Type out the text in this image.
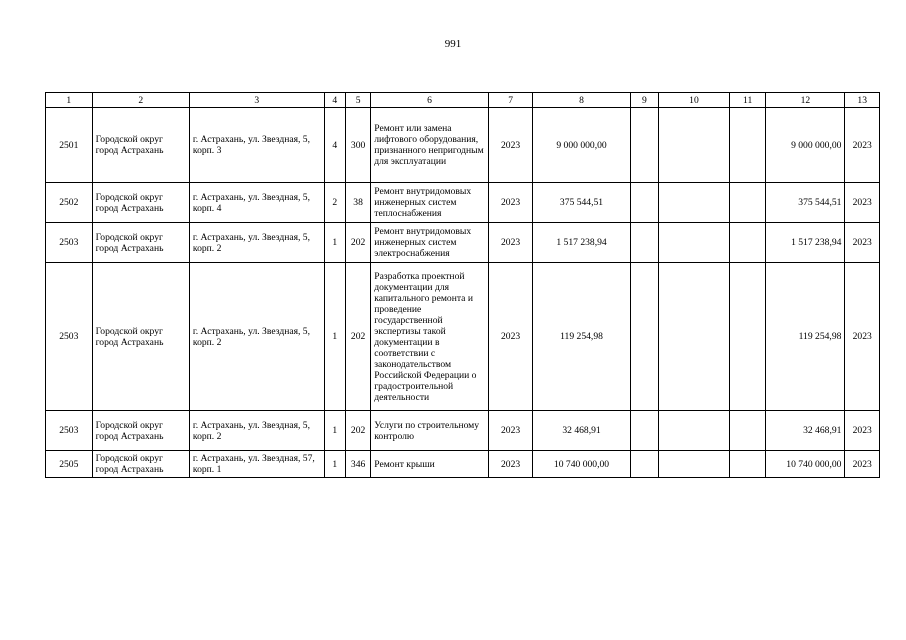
991
1	2	3	4	5	6	7	8	9	10	11	12	13
2501	Городской округ город Астрахань	г. Астрахань, ул. Звездная, 5, корп. 3	4	300	Ремонт или замена лифтового оборудования, признанного непригодным для эксплуатации	2023	9 000 000,00				9 000 000,00	2023
2502	Городской округ город Астрахань	г. Астрахань, ул. Звездная, 5, корп. 4	2	38	Ремонт внутридомовых инженерных систем теплоснабжения	2023	375 544,51				375 544,51	2023
2503	Городской округ город Астрахань	г. Астрахань, ул. Звездная, 5, корп. 2	1	202	Ремонт внутридомовых инженерных систем электроснабжения	2023	1 517 238,94				1 517 238,94	2023
2503	Городской округ город Астрахань	г. Астрахань, ул. Звездная, 5, корп. 2	1	202	Разработка проектной документации для капитального ремонта и проведение государственной экспертизы такой документации в соответствии с законодательством Российской Федерации о градостроительной деятельности	2023	119 254,98				119 254,98	2023
2503	Городской округ город Астрахань	г. Астрахань, ул. Звездная, 5, корп. 2	1	202	Услуги по строительному контролю	2023	32 468,91				32 468,91	2023
2505	Городской округ город Астрахань	г. Астрахань, ул. Звездная, 57, корп. 1	1	346	Ремонт крыши	2023	10 740 000,00				10 740 000,00	2023
